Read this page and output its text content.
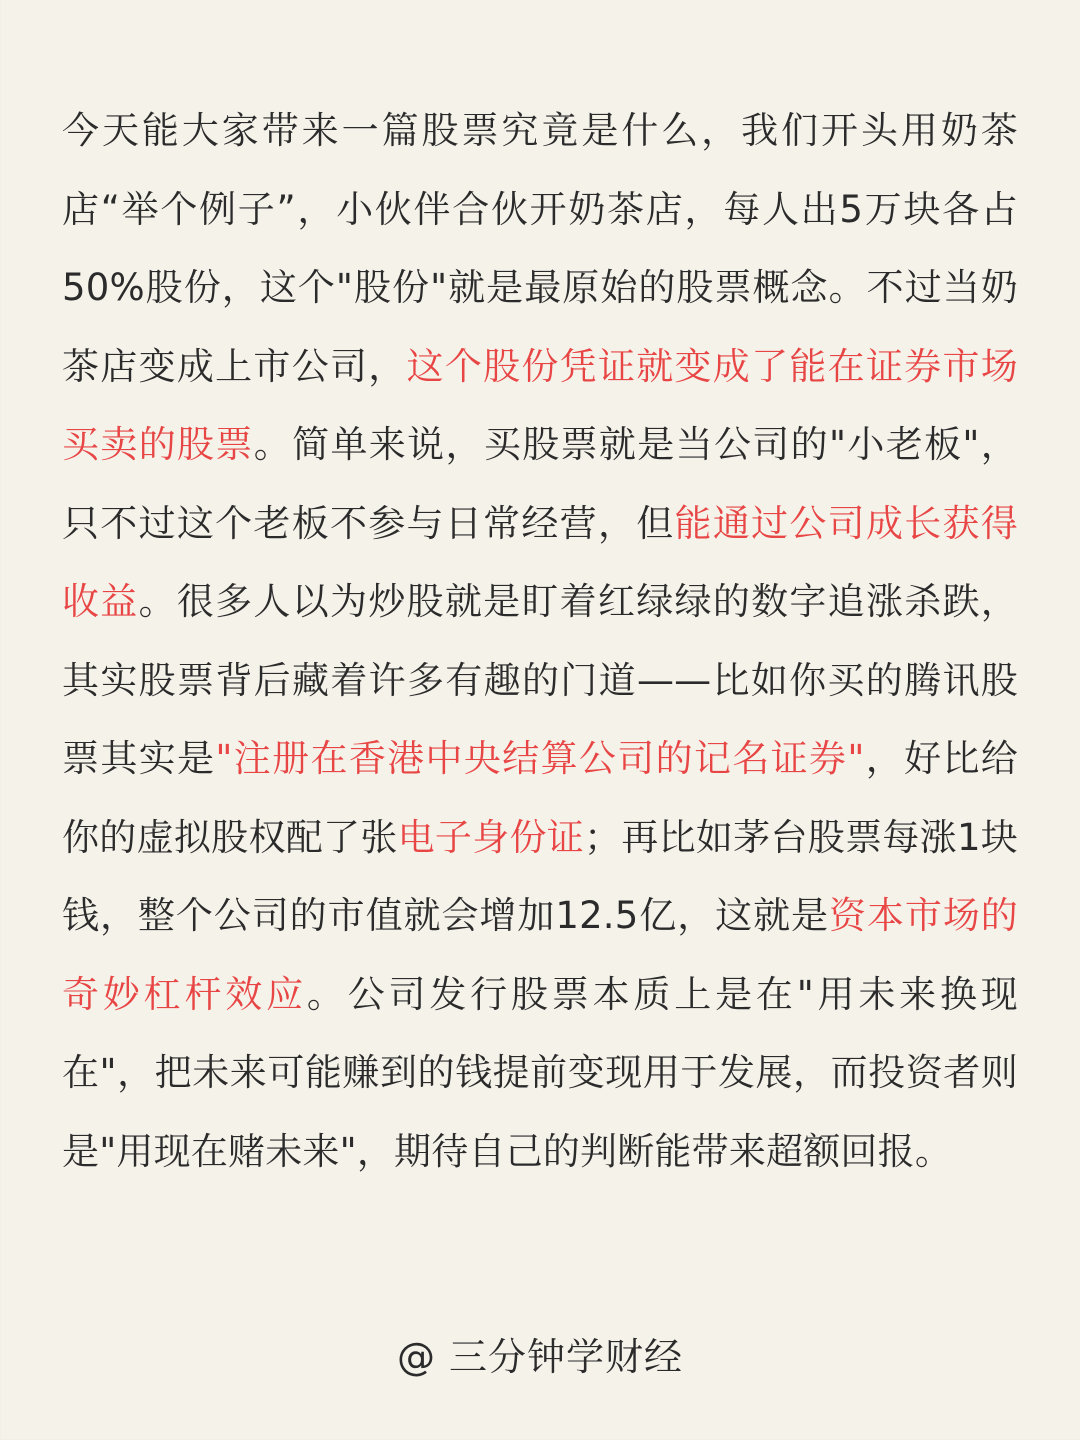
今天能大家带来一篇股票究竟是什么，我们开头用奶茶店“举个例子”，小伙伴合伙开奶茶店，每人出5万块各占50%股份，这个"股份"就是最原始的股票概念。不过当奶茶店变成上市公司，这个股份凭证就变成了能在证券市场买卖的股票。简单来说，买股票就是当公司的"小老板"，只不过这个老板不参与日常经营，但能通过公司成长获得收益。很多人以为炒股就是盯着红绿绿的数字追涨杀跌，其实股票背后藏着许多有趣的门道——比如你买的腾讯股票其实是"注册在香港中央结算公司的记名证券"，好比给你的虚拟股权配了张电子身份证；再比如茅台股票每涨1块钱，整个公司的市值就会增加12.5亿，这就是资本市场的奇妙杠杆效应。公司发行股票本质上是在"用未来换现在"，把未来可能赚到的钱提前变现用于发展，而投资者则是"用现在赌未来"，期待自己的判断能带来超额回报。

@ 三分钟学财经
